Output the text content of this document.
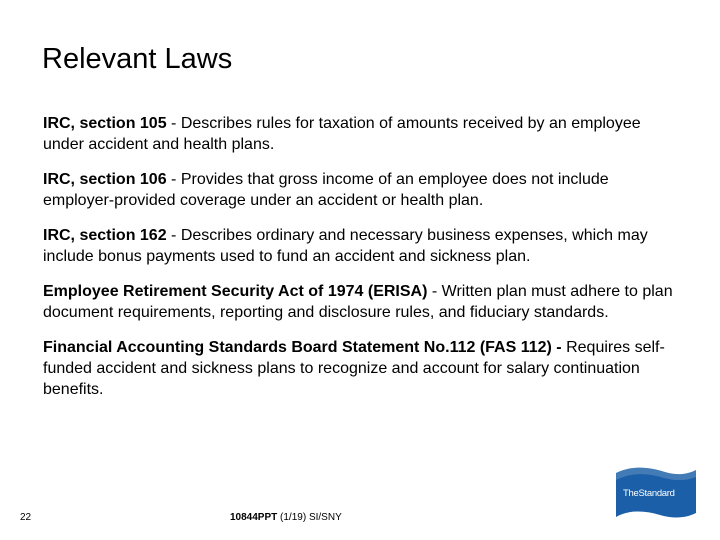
Relevant Laws

IRC, section 105 - Describes rules for taxation of amounts received by an employee under accident and health plans.

IRC, section 106 - Provides that gross income of an employee does not include employer-provided coverage under an accident or health plan.

IRC, section 162 - Describes ordinary and necessary business expenses, which may include bonus payments used to fund an accident and sickness plan.

Employee Retirement Security Act of 1974 (ERISA) - Written plan must adhere to plan document requirements, reporting and disclosure rules, and fiduciary standards.

Financial Accounting Standards Board Statement No.112 (FAS 112) - Requires self-funded accident and sickness plans to recognize and account for salary continuation benefits.

22	10844PPT (1/19) SI/SNY
TheStandard
